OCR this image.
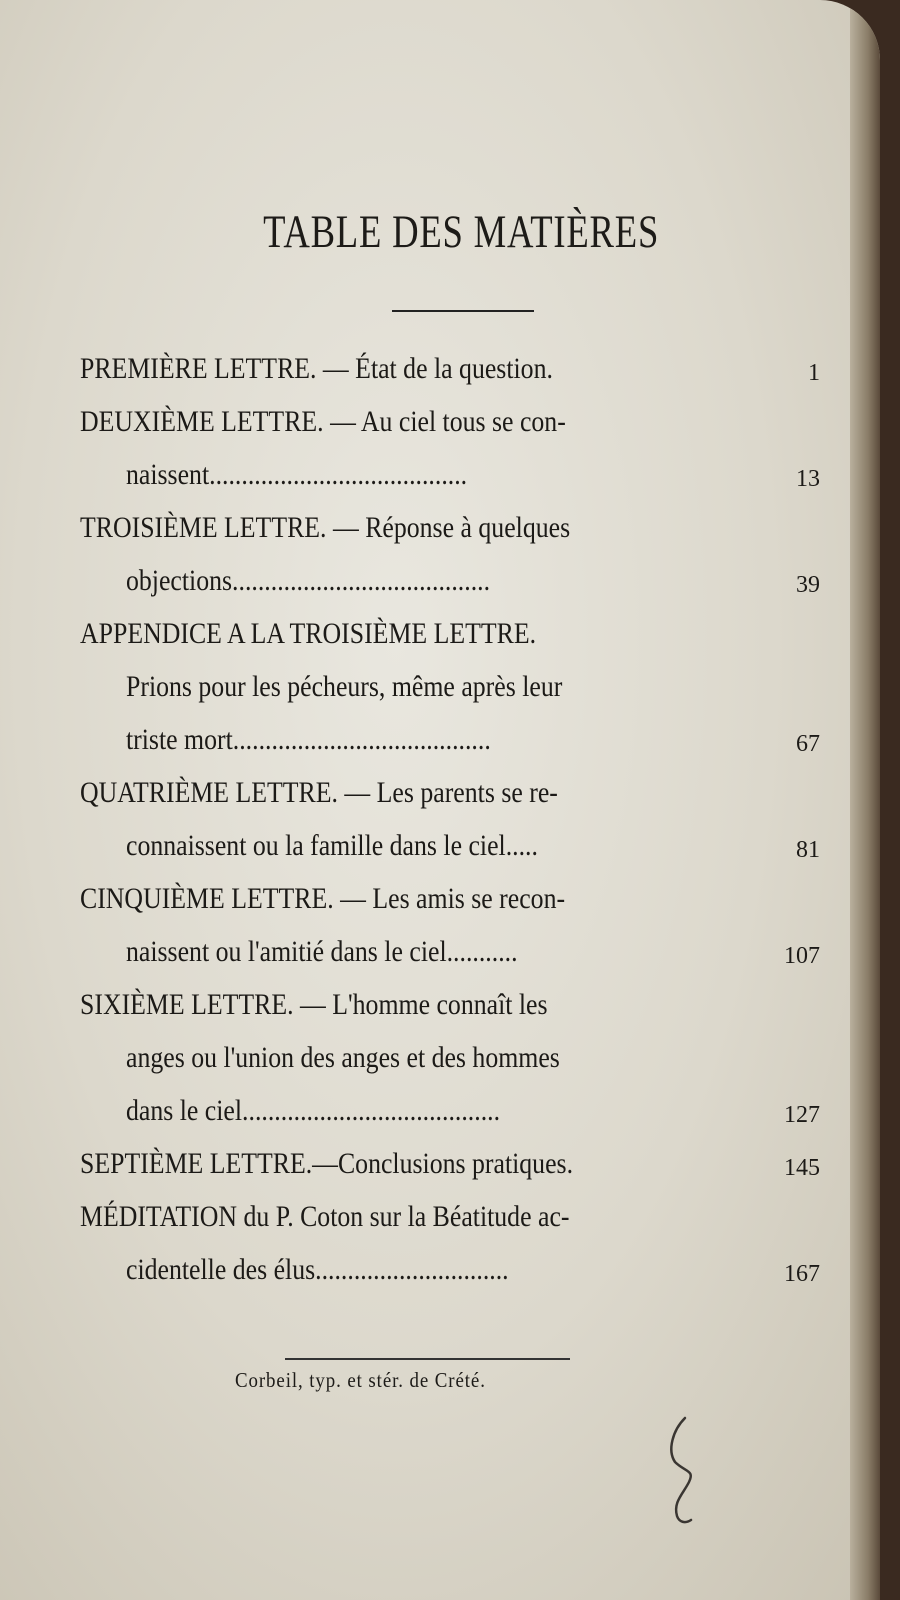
TABLE DES MATIÈRES
PREMIÈRE LETTRE. — État de la question.	1
DEUXIÈME LETTRE. — Au ciel tous se con-
naissent........................................	13
TROISIÈME LETTRE. — Réponse à quelques
objections........................................	39
APPENDICE A LA TROISIÈME LETTRE.
Prions pour les pécheurs, même après leur
triste mort........................................	67
QUATRIÈME LETTRE. — Les parents se re-
connaissent ou la famille dans le ciel.....	81
CINQUIÈME LETTRE. — Les amis se recon-
naissent ou l'amitié dans le ciel...........	107
SIXIÈME LETTRE. — L'homme connaît les
anges ou l'union des anges et des hommes
dans le ciel........................................	127
SEPTIÈME LETTRE.—Conclusions pratiques.	145
MÉDITATION du P. Coton sur la Béatitude ac-
cidentelle des élus..............................	167
Corbeil, typ. et stér. de Crété.
